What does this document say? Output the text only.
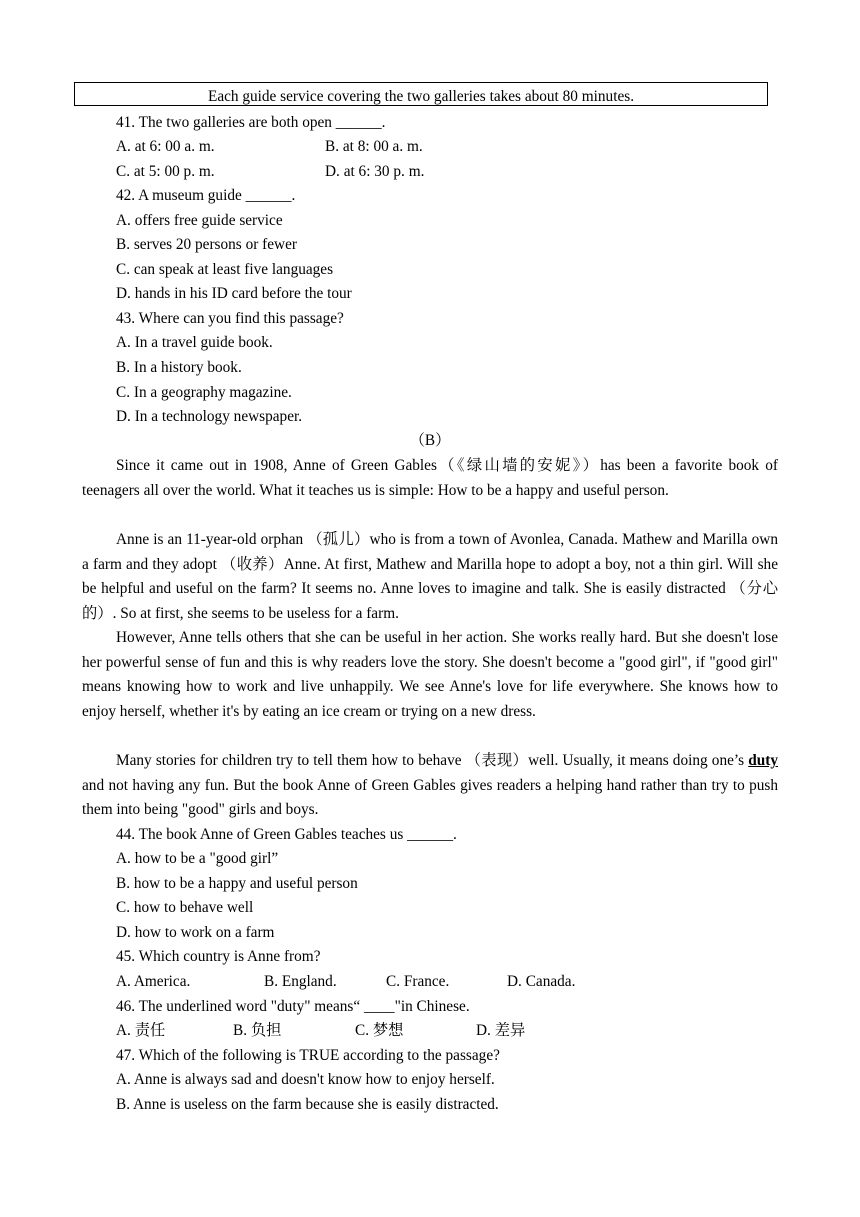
Each guide service covering the two galleries takes about 80 minutes.
41. The two galleries are both open ______.
A. at 6: 00 a. m.	B. at 8: 00 a. m.
C. at 5: 00 p. m.	D. at 6: 30 p. m.
42. A museum guide ______.
A. offers free guide service
B. serves 20 persons or fewer
C. can speak at least five languages
D. hands in his ID card before the tour
43. Where can you find this passage?
A. In a travel guide book.
B. In a history book.
C. In a geography magazine.
D. In a technology newspaper.
（B）
Since it came out in 1908, Anne of Green Gables（《绿山墙的安妮》）has been a favorite book of teenagers all over the world. What it teaches us is simple: How to be a happy and useful person.
Anne is an 11-year-old orphan （孤儿）who is from a town of Avonlea, Canada. Mathew and Marilla own a farm and they adopt （收养）Anne. At first, Mathew and Marilla hope to adopt a boy, not a thin girl. Will she be helpful and useful on the farm? It seems no. Anne loves to imagine and talk. She is easily distracted （分心的）. So at first, she seems to be useless for a farm.
However, Anne tells others that she can be useful in her action. She works really hard. But she doesn't lose her powerful sense of fun and this is why readers love the story. She doesn't become a "good girl", if "good girl" means knowing how to work and live unhappily. We see Anne's love for life everywhere. She knows how to enjoy herself, whether it's by eating an ice cream or trying on a new dress.
Many stories for children try to tell them how to behave （表现）well. Usually, it means doing one’s duty and not having any fun. But the book Anne of Green Gables gives readers a helping hand rather than try to push them into being "good" girls and boys.
44. The book Anne of Green Gables teaches us ______.
A. how to be a "good girl”
B. how to be a happy and useful person
C. how to behave well
D. how to work on a farm
45. Which country is Anne from?
A. America.	B. England.	C. France.	D. Canada.
46. The underlined word "duty" means“ ____"in Chinese.
A. 责任	B. 负担	C. 梦想	D. 差异
47. Which of the following is TRUE according to the passage?
A. Anne is always sad and doesn't know how to enjoy herself.
B. Anne is useless on the farm because she is easily distracted.
